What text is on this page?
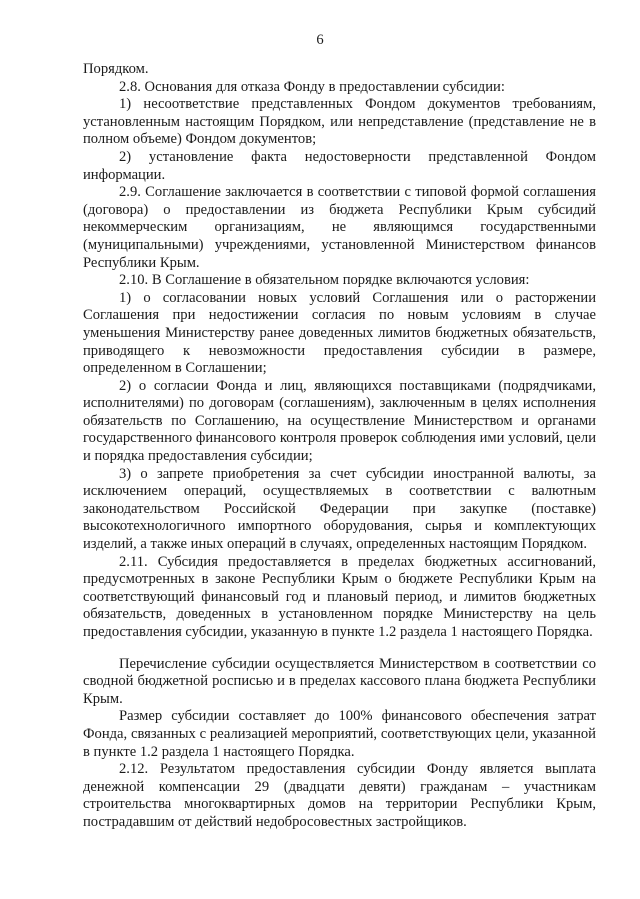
6

Порядком.

2.8. Основания для отказа Фонду в предоставлении субсидии:

1) несоответствие представленных Фондом документов требованиям, установленным настоящим Порядком, или непредставление (представление не в полном объеме) Фондом документов;

2) установление факта недостоверности представленной Фондом информации.

2.9. Соглашение заключается в соответствии с типовой формой соглашения (договора) о предоставлении из бюджета Республики Крым субсидий некоммерческим организациям, не являющимся государственными (муниципальными) учреждениями, установленной Министерством финансов Республики Крым.

2.10. В Соглашение в обязательном порядке включаются условия:

1) о согласовании новых условий Соглашения или о расторжении Соглашения при недостижении согласия по новым условиям в случае уменьшения Министерству ранее доведенных лимитов бюджетных обязательств, приводящего к невозможности предоставления субсидии в размере, определенном в Соглашении;

2) о согласии Фонда и лиц, являющихся поставщиками (подрядчиками, исполнителями) по договорам (соглашениям), заключенным в целях исполнения обязательств по Соглашению, на осуществление Министерством и органами государственного финансового контроля проверок соблюдения ими условий, цели и порядка предоставления субсидии;

3) о запрете приобретения за счет субсидии иностранной валюты, за исключением операций, осуществляемых в соответствии с валютным законодательством Российской Федерации при закупке (поставке) высокотехнологичного импортного оборудования, сырья и комплектующих изделий, а также иных операций в случаях, определенных настоящим Порядком.

2.11. Субсидия предоставляется в пределах бюджетных ассигнований, предусмотренных в законе Республики Крым о бюджете Республики Крым на соответствующий финансовый год и плановый период, и лимитов бюджетных обязательств, доведенных в установленном порядке Министерству на цель предоставления субсидии, указанную в пункте 1.2 раздела 1 настоящего Порядка.

Перечисление субсидии осуществляется Министерством в соответствии со сводной бюджетной росписью и в пределах кассового плана бюджета Республики Крым.

Размер субсидии составляет до 100% финансового обеспечения затрат Фонда, связанных с реализацией мероприятий, соответствующих цели, указанной в пункте 1.2 раздела 1 настоящего Порядка.

2.12. Результатом предоставления субсидии Фонду является выплата денежной компенсации 29 (двадцати девяти) гражданам – участникам строительства многоквартирных домов на территории Республики Крым, пострадавшим от действий недобросовестных застройщиков.
